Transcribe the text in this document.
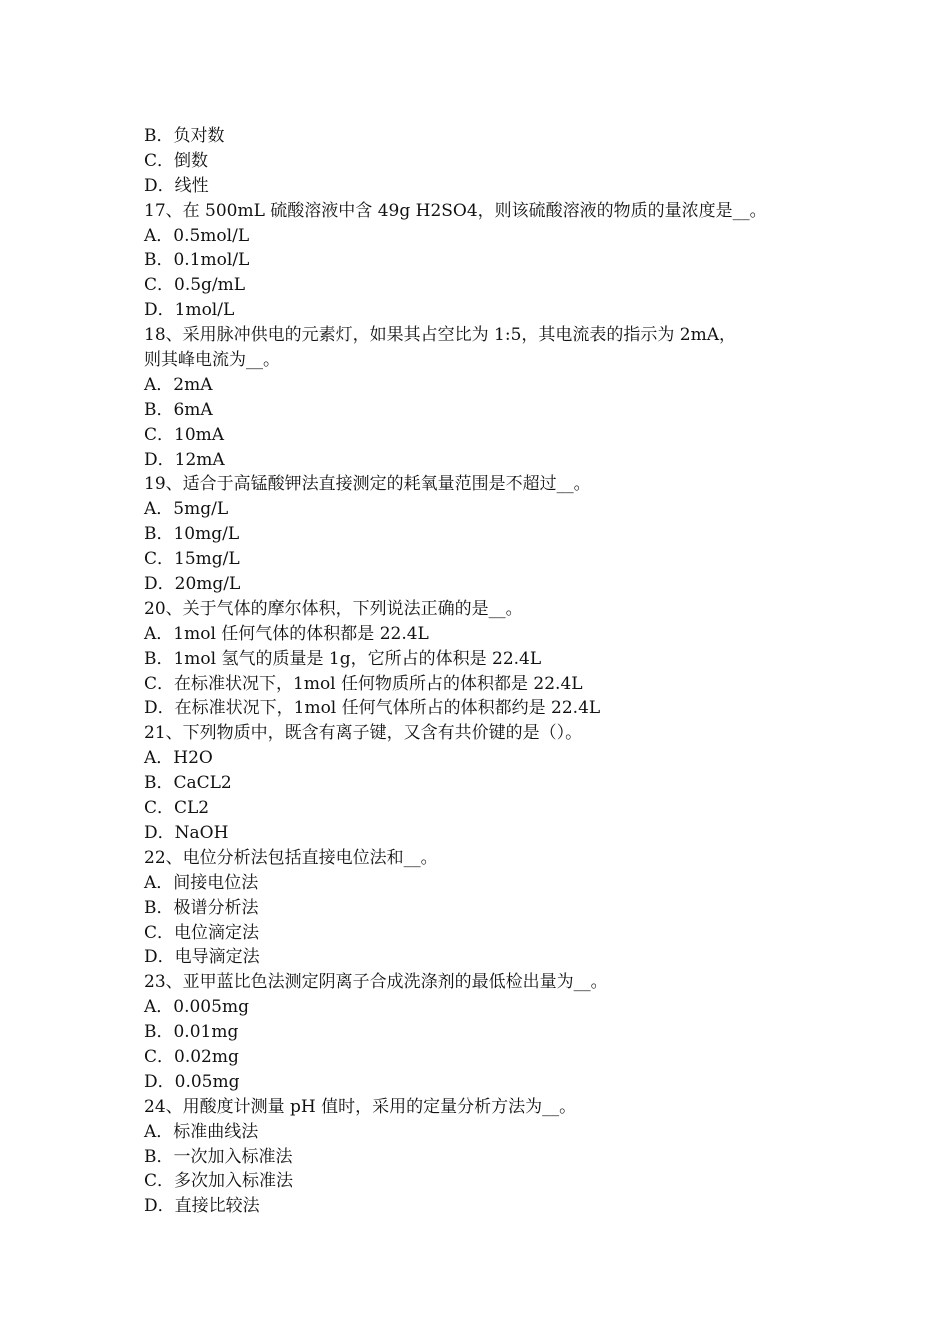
B．负对数
C．倒数
D．线性
17、在 500mL 硫酸溶液中含 49g H2SO4，则该硫酸溶液的物质的量浓度是__。
A．0.5mol/L
B．0.1mol/L
C．0.5g/mL
D．1mol/L
18、采用脉冲供电的元素灯，如果其占空比为 1:5，其电流表的指示为 2mA，
则其峰电流为__。
A．2mA
B．6mA
C．10mA
D．12mA
19、适合于高锰酸钾法直接测定的耗氧量范围是不超过__。
A．5mg/L
B．10mg/L
C．15mg/L
D．20mg/L
20、关于气体的摩尔体积，下列说法正确的是__。
A．1mol 任何气体的体积都是 22.4L
B．1mol 氢气的质量是 1g，它所占的体积是 22.4L
C．在标准状况下，1mol 任何物质所占的体积都是 22.4L
D．在标准状况下，1mol 任何气体所占的体积都约是 22.4L
21、下列物质中，既含有离子键，又含有共价键的是（）。
A．H2O
B．CaCL2
C．CL2
D．NaOH
22、电位分析法包括直接电位法和__。
A．间接电位法
B．极谱分析法
C．电位滴定法
D．电导滴定法
23、亚甲蓝比色法测定阴离子合成洗涤剂的最低检出量为__。
A．0.005mg
B．0.01mg
C．0.02mg
D．0.05mg
24、用酸度计测量 pH 值时，采用的定量分析方法为__。
A．标准曲线法
B．一次加入标准法
C．多次加入标准法
D．直接比较法
